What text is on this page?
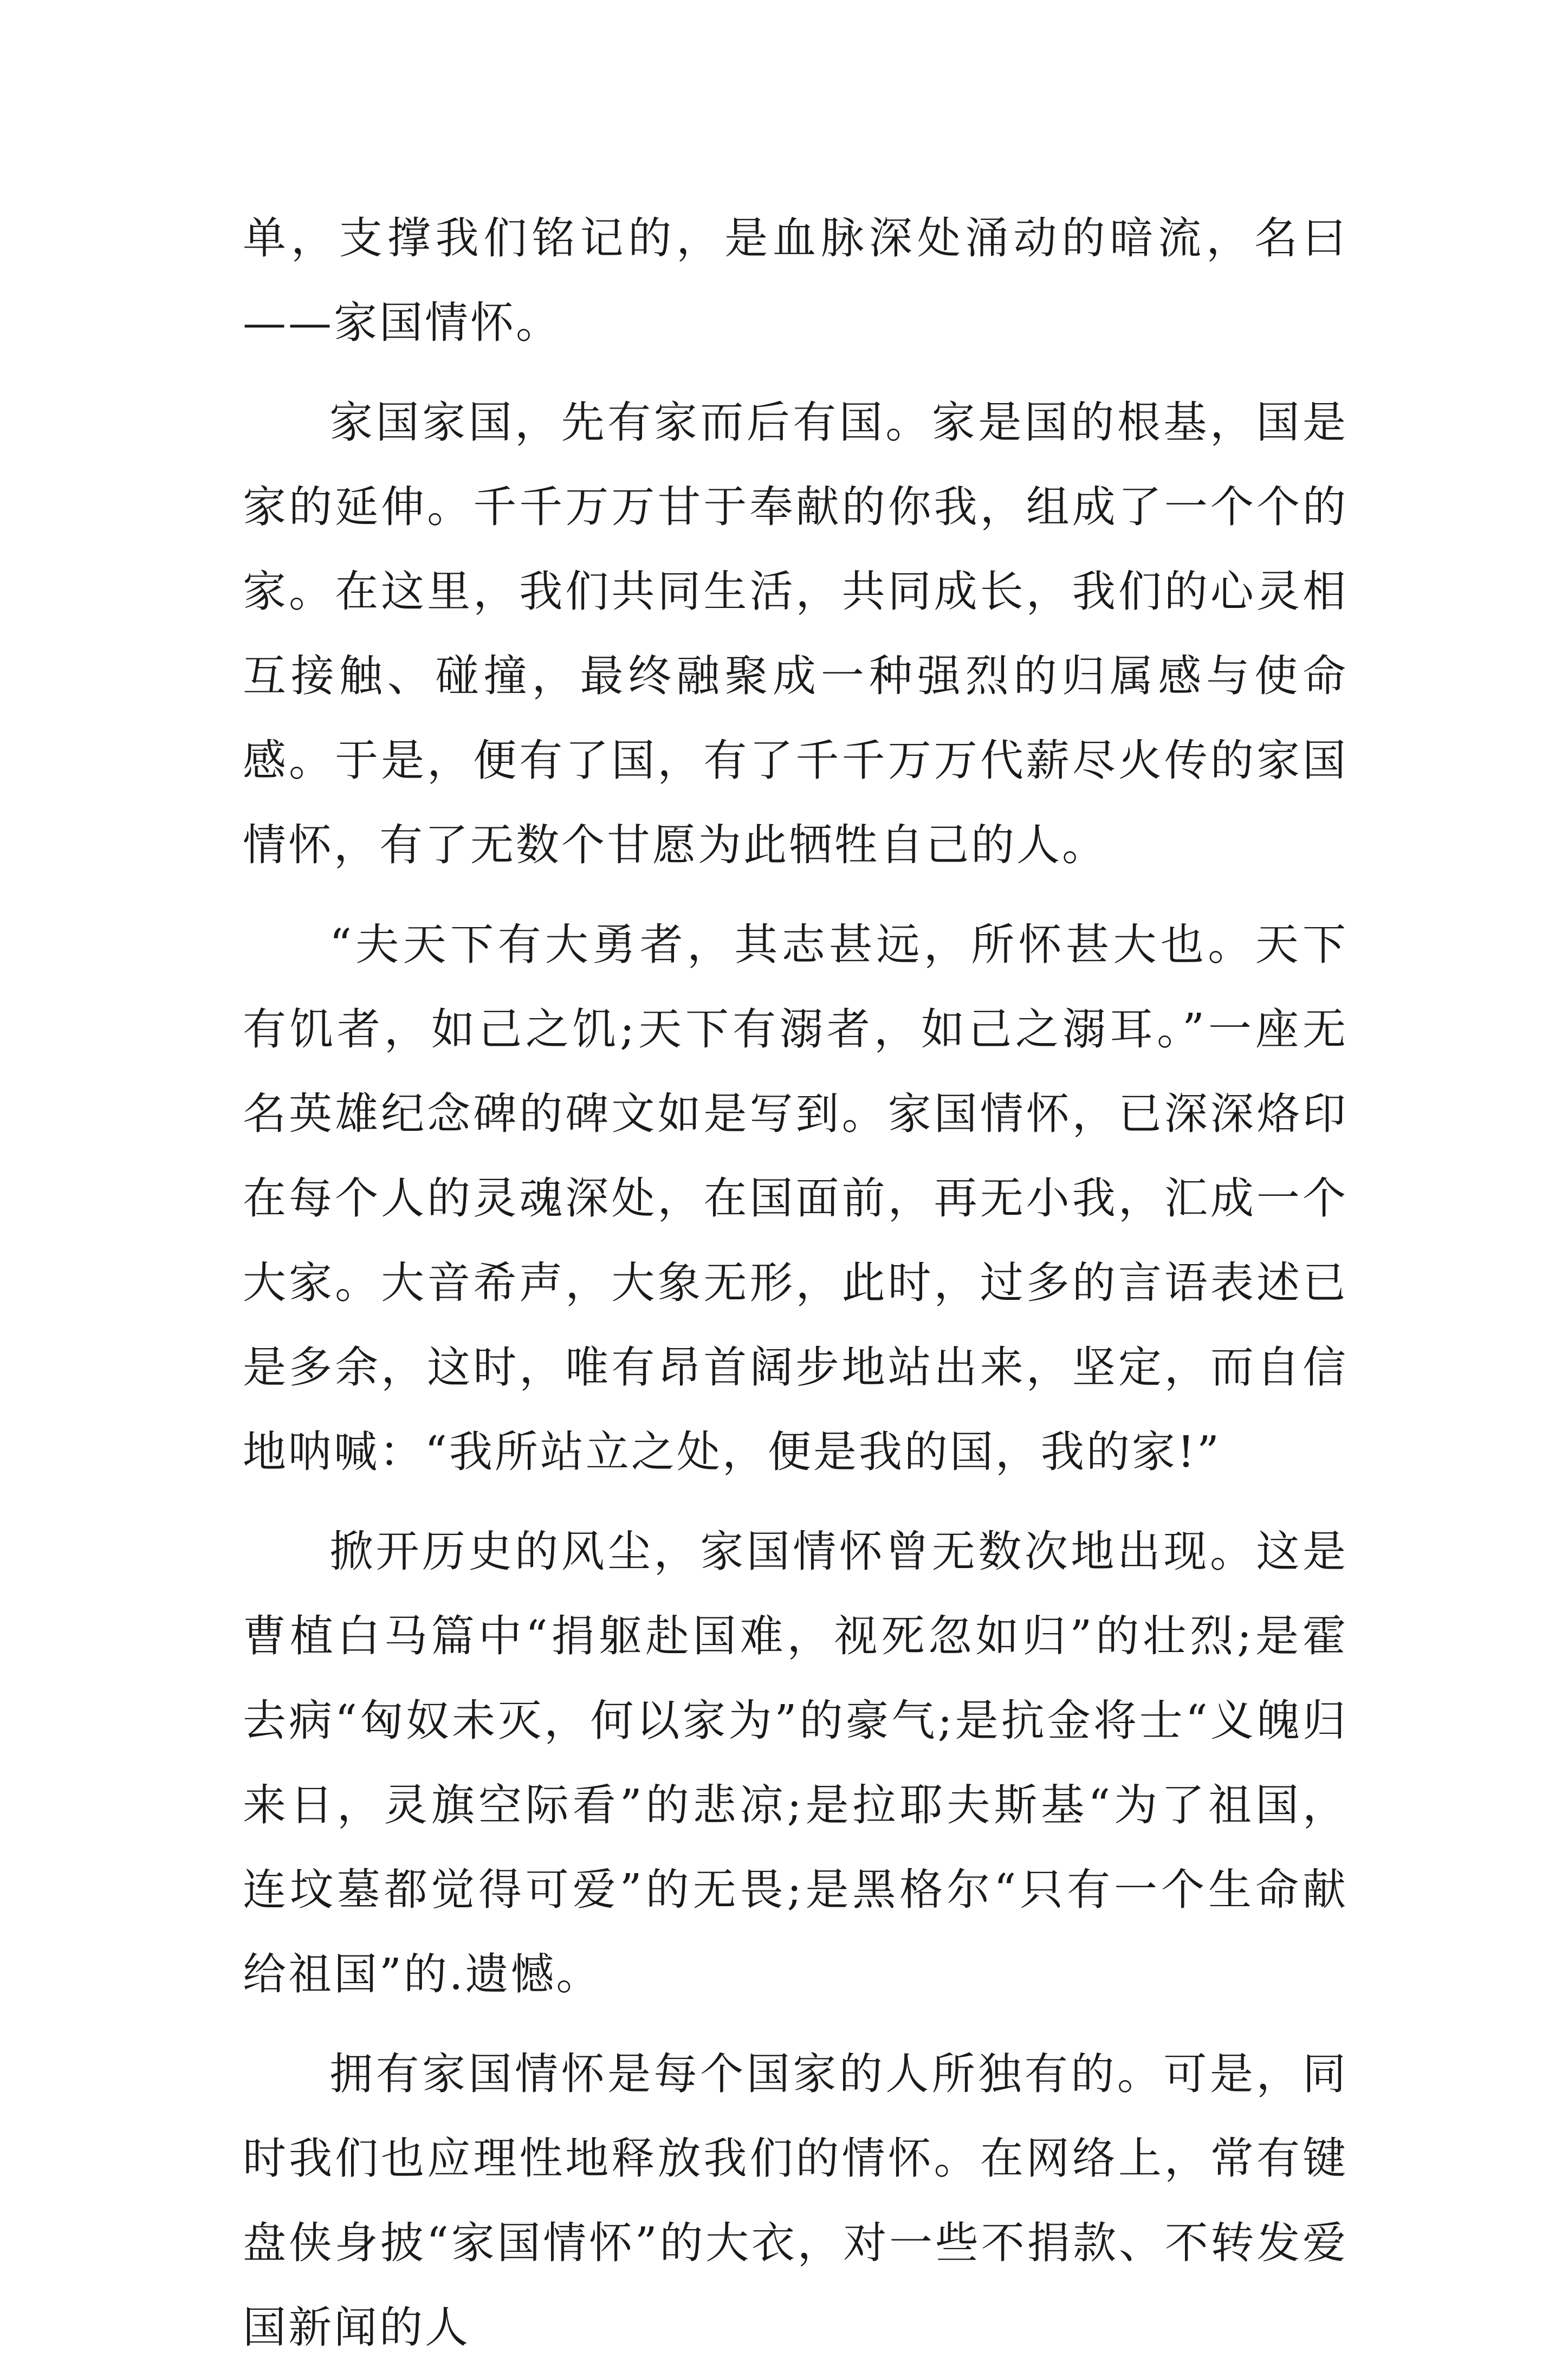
单，支撑我们铭记的，是血脉深处涌动的暗流，名曰——家国情怀。

家国家国，先有家而后有国。家是国的根基，国是家的延伸。千千万万甘于奉献的你我，组成了一个个的家。在这里，我们共同生活，共同成长，我们的心灵相互接触、碰撞，最终融聚成一种强烈的归属感与使命感。于是，便有了国，有了千千万万代薪尽火传的家国情怀，有了无数个甘愿为此牺牲自己的人。

“夫天下有大勇者，其志甚远，所怀甚大也。天下有饥者，如己之饥;天下有溺者，如己之溺耳。”一座无名英雄纪念碑的碑文如是写到。家国情怀，已深深烙印在每个人的灵魂深处，在国面前，再无小我，汇成一个大家。大音希声，大象无形，此时，过多的言语表述已是多余，这时，唯有昂首阔步地站出来，坚定，而自信地呐喊：“我所站立之处，便是我的国，我的家!”

掀开历史的风尘，家国情怀曾无数次地出现。这是曹植白马篇中“捐躯赴国难，视死忽如归”的壮烈;是霍去病“匈奴未灭，何以家为”的豪气;是抗金将士“义魄归来日，灵旗空际看”的悲凉;是拉耶夫斯基“为了祖国，连坟墓都觉得可爱”的无畏;是黑格尔“只有一个生命献给祖国”的.遗憾。

拥有家国情怀是每个国家的人所独有的。可是，同时我们也应理性地释放我们的情怀。在网络上，常有键盘侠身披“家国情怀”的大衣，对一些不捐款、不转发爱国新闻的人
